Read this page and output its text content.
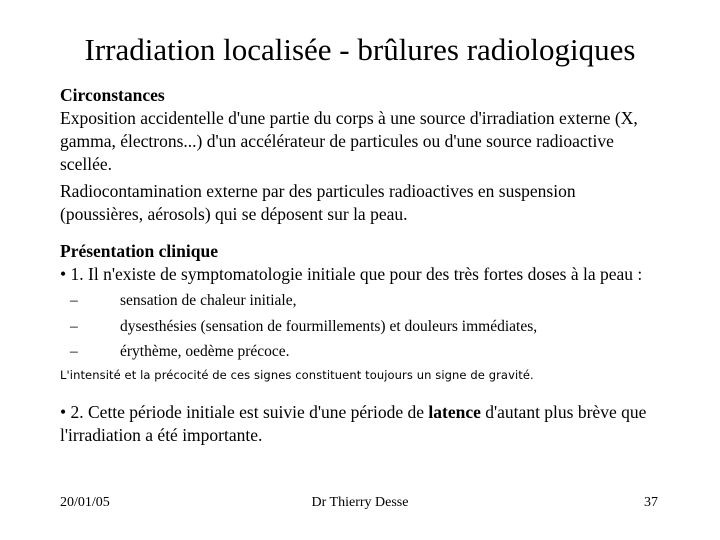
Irradiation localisée - brûlures radiologiques

Circonstances

Exposition accidentelle d'une partie du corps à une source d'irradiation externe (X, gamma, électrons...) d'un accélérateur de particules ou d'une source radioactive scellée.

Radiocontamination externe par des particules radioactives en suspension (poussières, aérosols) qui se déposent sur la peau.

Présentation clinique

• 1. Il n'existe de symptomatologie initiale que pour des très fortes doses à la peau :

–	sensation de chaleur initiale,
–	dysesthésies (sensation de fourmillements) et douleurs immédiates,
–	érythème, oedème précoce.

L'intensité et la précocité de ces signes constituent toujours un signe de gravité.

• 2. Cette période initiale est suivie d'une période de latence d'autant plus brève que l'irradiation a été importante.

20/01/05	Dr Thierry Desse	37
